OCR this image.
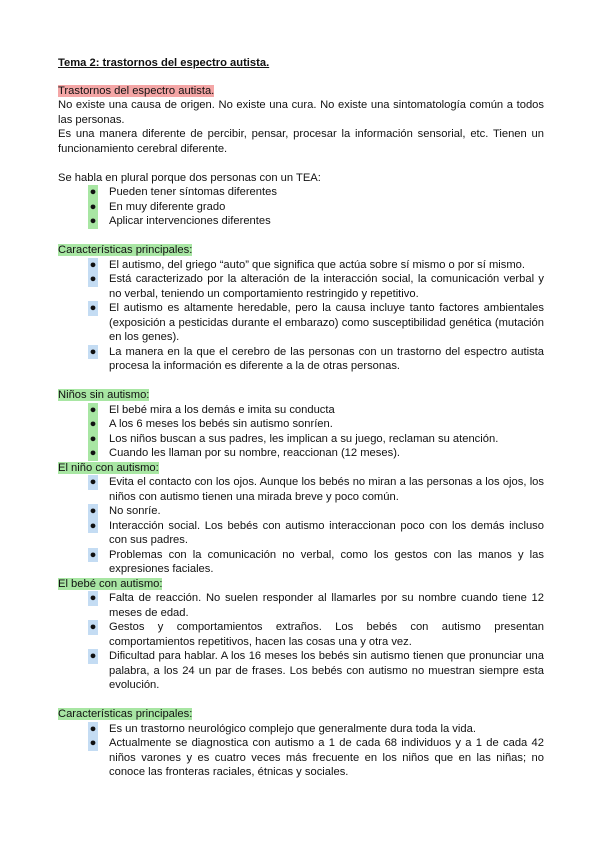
Tema 2: trastornos del espectro autista.

Trastornos del espectro autista.

No existe una causa de origen. No existe una cura. No existe una sintomatología común a todos las personas.

Es una manera diferente de percibir, pensar, procesar la información sensorial, etc. Tienen un funcionamiento cerebral diferente.

Se habla en plural porque dos personas con un TEA:

● Pueden tener síntomas diferentes
● En muy diferente grado
● Aplicar intervenciones diferentes

Características principales:

● El autismo, del griego “auto” que significa que actúa sobre sí mismo o por sí mismo.
● Está caracterizado por la alteración de la interacción social, la comunicación verbal y no verbal, teniendo un comportamiento restringido y repetitivo.
● El autismo es altamente heredable, pero la causa incluye tanto factores ambientales (exposición a pesticidas durante el embarazo) como susceptibilidad genética (mutación en los genes).
● La manera en la que el cerebro de las personas con un trastorno del espectro autista procesa la información es diferente a la de otras personas.

Niños sin autismo:

● El bebé mira a los demás e imita su conducta
● A los 6 meses los bebés sin autismo sonríen.
● Los niños buscan a sus padres, les implican a su juego, reclaman su atención.
● Cuando les llaman por su nombre, reaccionan (12 meses).

El niño con autismo:

● Evita el contacto con los ojos. Aunque los bebés no miran a las personas a los ojos, los niños con autismo tienen una mirada breve y poco común.
● No sonríe.
● Interacción social. Los bebés con autismo interaccionan poco con los demás incluso con sus padres.
● Problemas con la comunicación no verbal, como los gestos con las manos y las expresiones faciales.

El bebé con autismo:

● Falta de reacción. No suelen responder al llamarles por su nombre cuando tiene 12 meses de edad.
● Gestos y comportamientos extraños. Los bebés con autismo presentan comportamientos repetitivos, hacen las cosas una y otra vez.
● Dificultad para hablar. A los 16 meses los bebés sin autismo tienen que pronunciar una palabra, a los 24 un par de frases. Los bebés con autismo no muestran siempre esta evolución.

Características principales:

● Es un trastorno neurológico complejo que generalmente dura toda la vida.
● Actualmente se diagnostica con autismo a 1 de cada 68 individuos y a 1 de cada 42 niños varones y es cuatro veces más frecuente en los niños que en las niñas; no conoce las fronteras raciales, étnicas y sociales.
